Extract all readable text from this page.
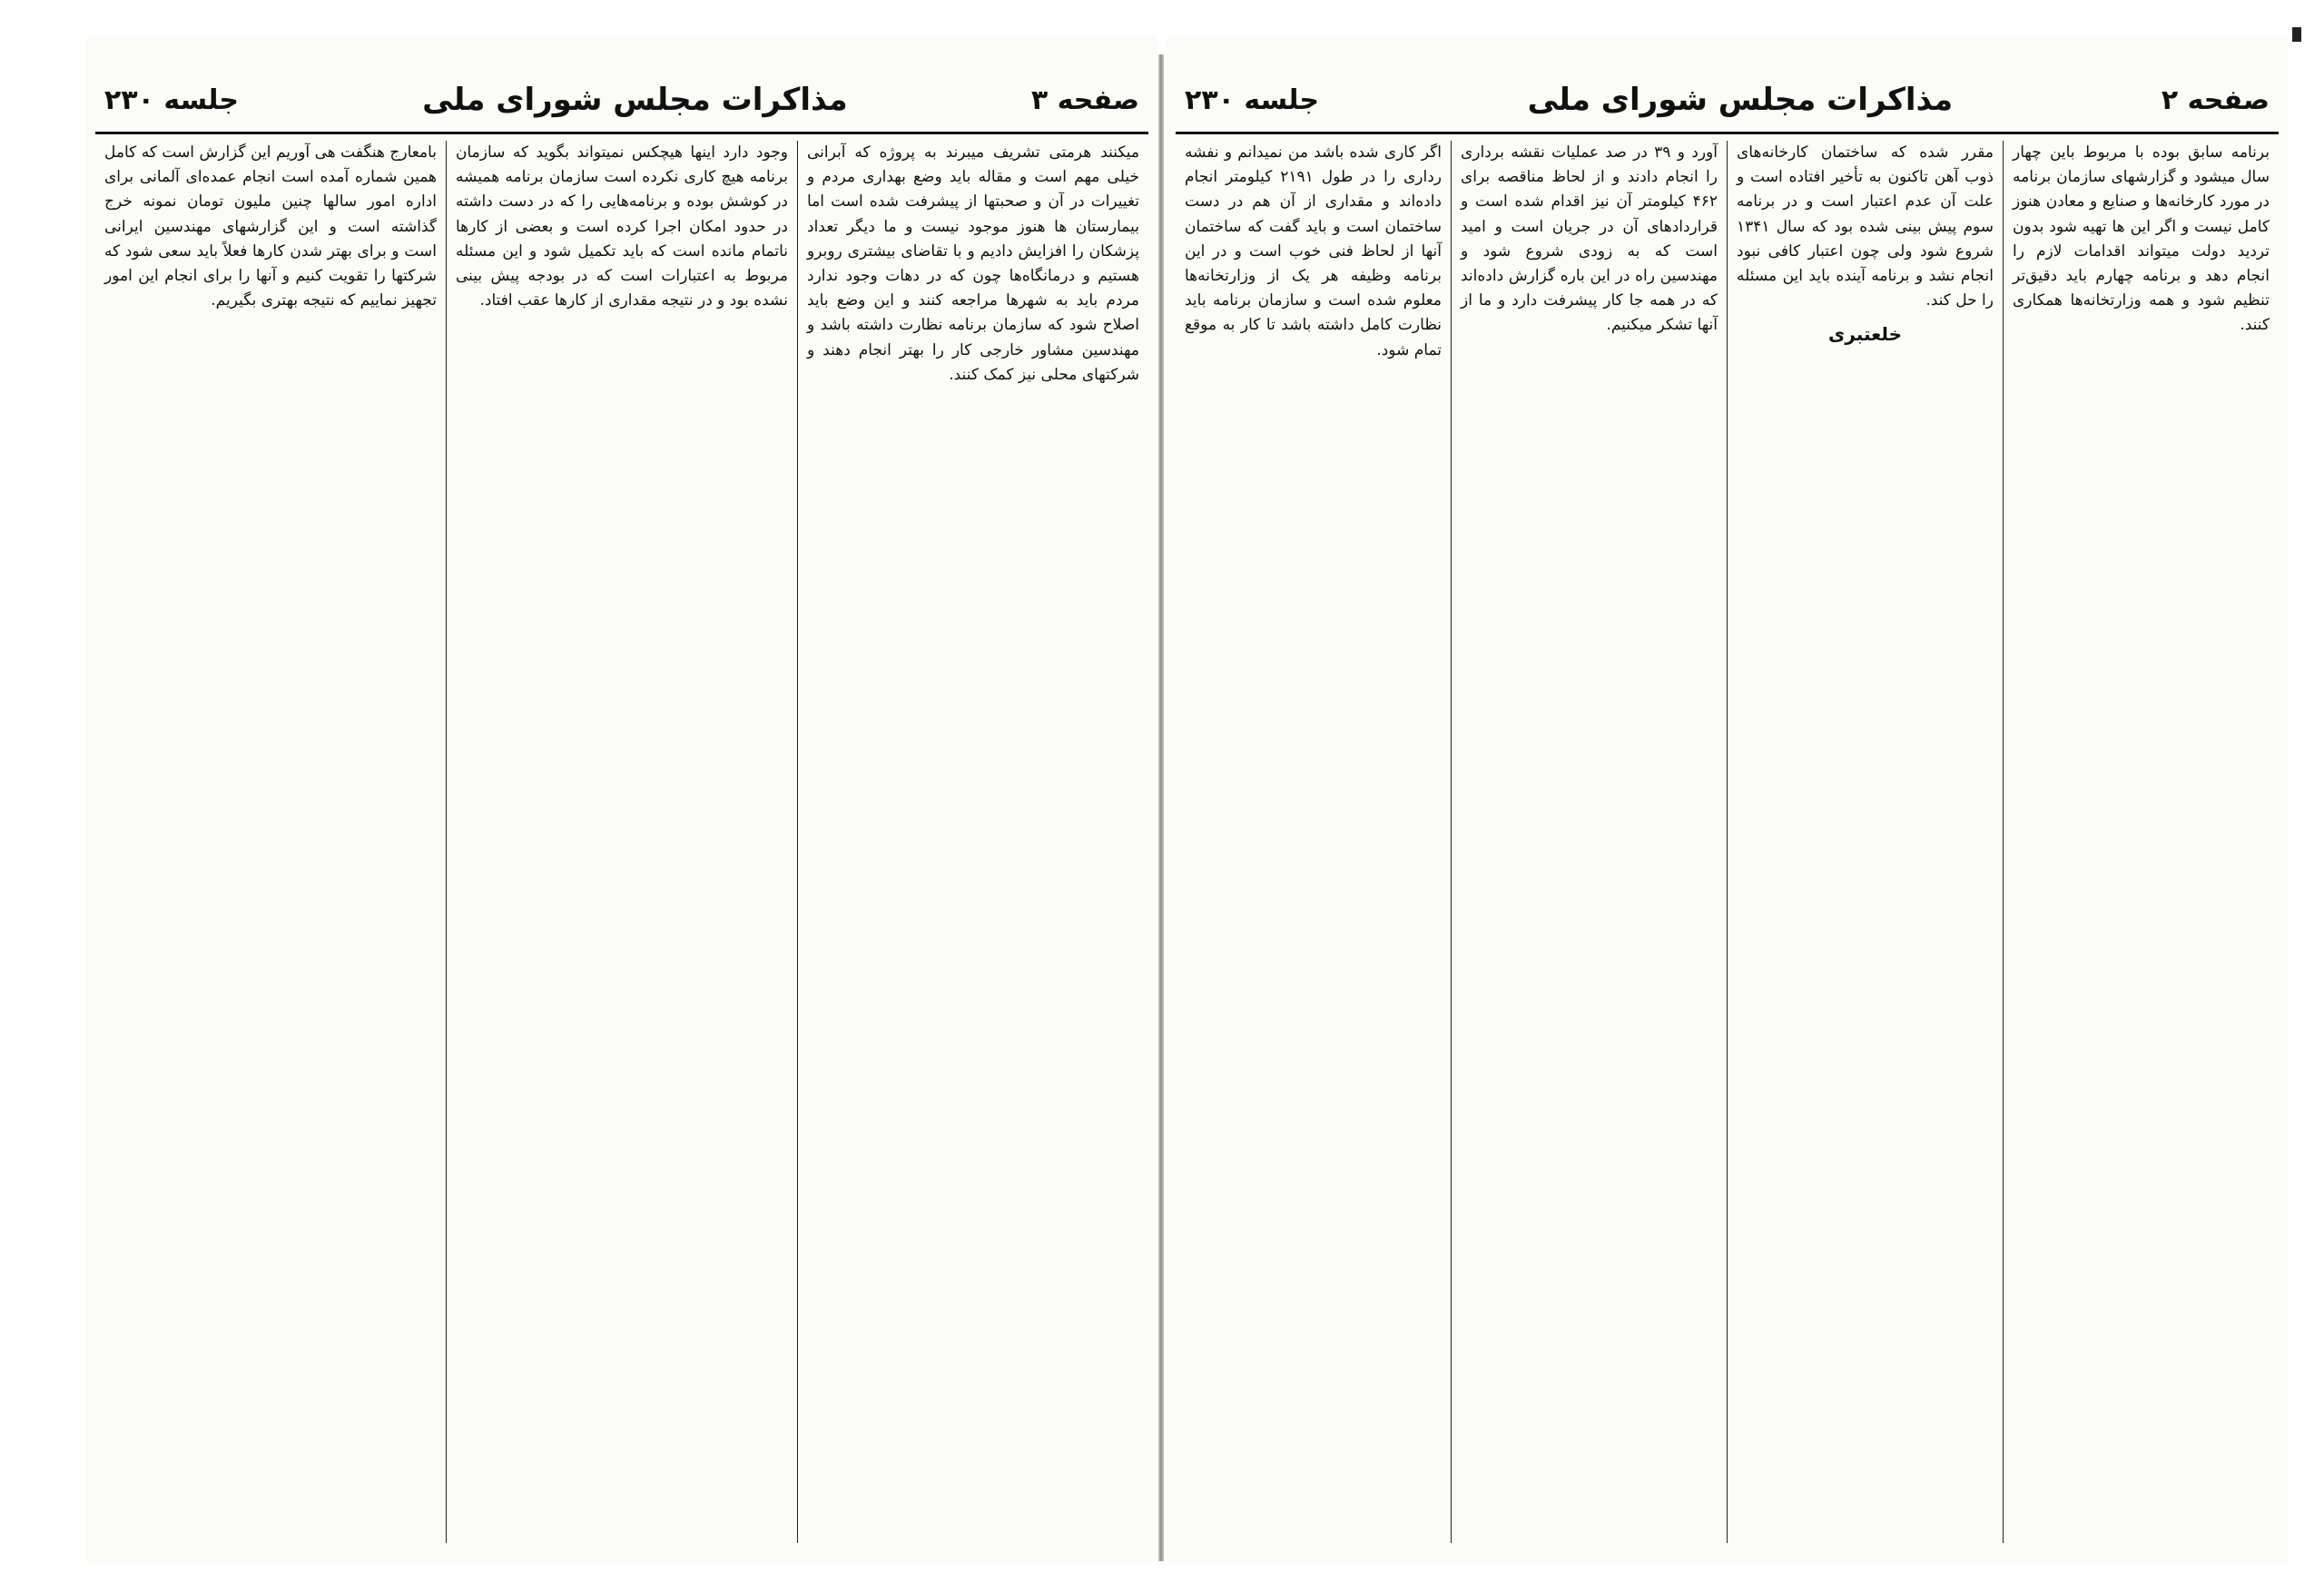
صفحه ۳
مذاکرات مجلس شورای ملی
جلسه ۲۳۰
میکنند هرمتی تشریف میبرند به پروژه که آبرانی خیلی مهم است و مقاله باید وضع بهداری مردم و تغییرات در آن و صحبتها از پیشرفت شده است اما بیمارستان ها هنوز موجود نیست و ما دیگر تعداد پزشکان را افزایش دادیم و با تقاضای بیشتری روبرو هستیم و درمانگاه‌ها چون که در دهات وجود ندارد مردم باید به شهرها مراجعه کنند و این وضع باید اصلاح شود که سازمان برنامه نظارت داشته باشد و مهندسین مشاور خارجی کار را بهتر انجام دهند و شرکتهای محلی نیز کمک کنند.
وجود دارد اینها هیچکس نمیتواند بگوید که سازمان برنامه هیچ کاری نکرده است سازمان برنامه همیشه در کوشش بوده و برنامه‌هایی را که در دست داشته در حدود امکان اجرا کرده است و بعضی از کارها ناتمام مانده است که باید تکمیل شود و این مسئله مربوط به اعتبارات است که در بودجه پیش بینی نشده بود و در نتیجه مقداری از کارها عقب افتاد.
بامعارج هنگفت هی آوریم این گزارش است که کامل همین شماره آمده است انجام عمده‌ای آلمانی برای اداره امور سالها چنین ملیون تومان نمونه خرج گذاشته است و این گزارشهای مهندسین ایرانی است و برای بهتر شدن کارها فعلاً باید سعی شود که شرکتها را تقویت کنیم و آنها را برای انجام این امور تجهیز نماییم که نتیجه بهتری بگیریم.
صفحه ۲
مذاکرات مجلس شورای ملی
جلسه ۲۳۰
برنامه سابق بوده با مربوط باین چهار سال میشود و گزارشهای سازمان برنامه در مورد کارخانه‌ها و صنایع و معادن هنوز کامل نیست و اگر این ها تهیه شود بدون تردید دولت میتواند اقدامات لازم را انجام دهد و برنامه چهارم باید دقیق‌تر تنظیم شود و همه وزارتخانه‌ها همکاری کنند.
مقرر شده که ساختمان کارخانه‌های ذوب آهن تاکنون به تأخیر افتاده است و علت آن عدم اعتبار است و در برنامه سوم پیش بینی شده بود که سال ۱۳۴۱ شروع شود ولی چون اعتبار کافی نبود انجام نشد و برنامه آینده باید این مسئله را حل کند.
خلعتبری
آورد و ۳۹ در صد عملیات نقشه برداری را انجام دادند و از لحاظ مناقصه برای ۴۶۲ کیلومتر آن نیز اقدام شده است و قراردادهای آن در جریان است و امید است که به زودی شروع شود و مهندسین راه در این باره گزارش داده‌اند که در همه جا کار پیشرفت دارد و ما از آنها تشکر میکنیم.
اگر کاری شده باشد من نمیدانم و نفشه رداری را در طول ۲۱۹۱ کیلومتر انجام داده‌اند و مقداری از آن هم در دست ساختمان است و باید گفت که ساختمان آنها از لحاظ فنی خوب است و در این برنامه وظیفه هر یک از وزارتخانه‌ها معلوم شده است و سازمان برنامه باید نظارت کامل داشته باشد تا کار به موقع تمام شود.
